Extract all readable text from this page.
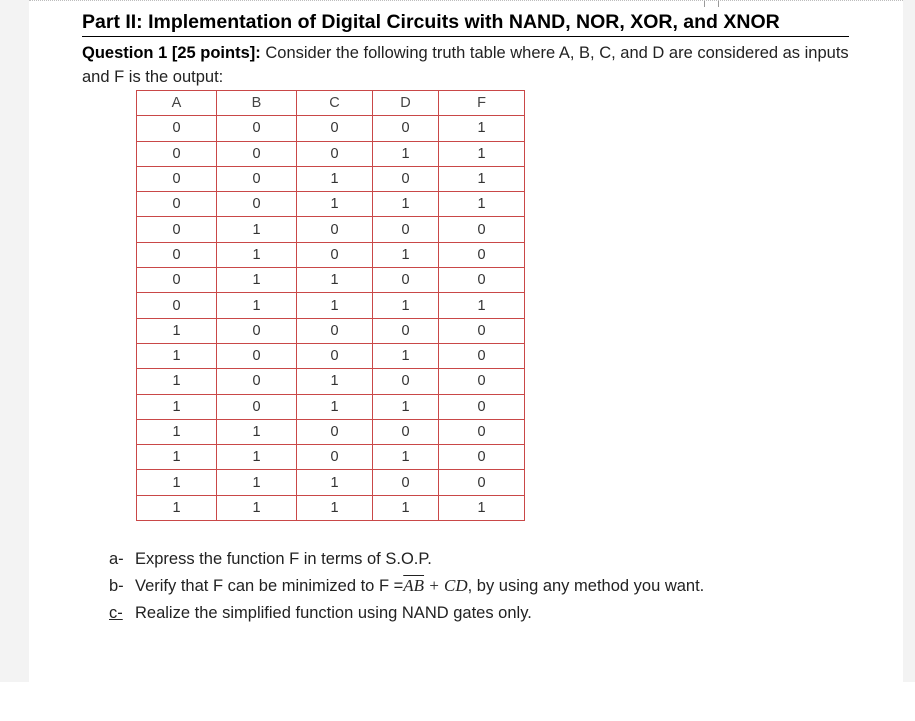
Part II: Implementation of Digital Circuits with NAND, NOR, XOR, and XNOR
Question 1 [25 points]: Consider the following truth table where A, B, C, and D are considered as inputs and F is the output:
A	B	C	D	F
0	0	0	0	1
0	0	0	1	1
0	0	1	0	1
0	0	1	1	1
0	1	0	0	0
0	1	0	1	0
0	1	1	0	0
0	1	1	1	1
1	0	0	0	0
1	0	0	1	0
1	0	1	0	0
1	0	1	1	0
1	1	0	0	0
1	1	0	1	0
1	1	1	0	0
1	1	1	1	1
a- Express the function F in terms of S.O.P.
b- Verify that F can be minimized to $F =\overline{AB}$ + CD, by using any method you want.
c- Realize the simplified function using NAND gates only.
